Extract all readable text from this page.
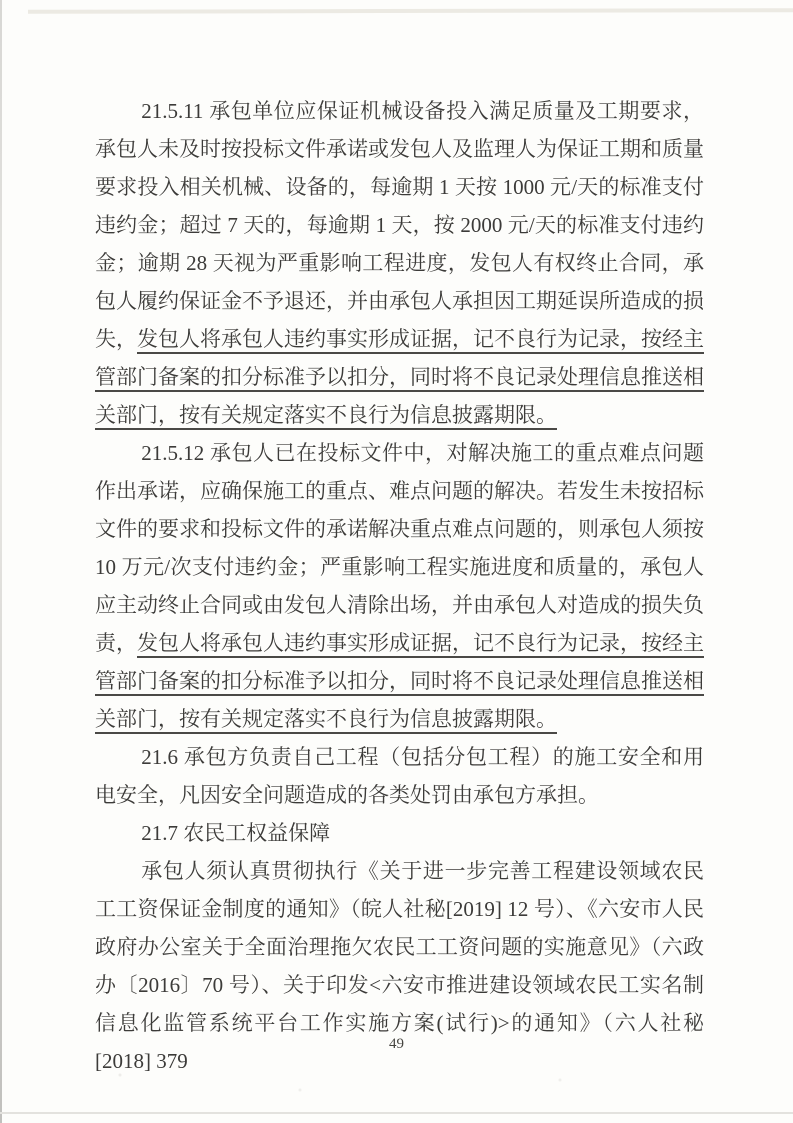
21.5.11 承包单位应保证机械设备投入满足质量及工期要求，承包人未及时按投标文件承诺或发包人及监理人为保证工期和质量要求投入相关机械、设备的，每逾期 1 天按 1000 元/天的标准支付违约金；超过 7 天的，每逾期 1 天，按 2000 元/天的标准支付违约金；逾期 28 天视为严重影响工程进度，发包人有权终止合同，承包人履约保证金不予退还，并由承包人承担因工期延误所造成的损失，发包人将承包人违约事实形成证据，记不良行为记录，按经主管部门备案的扣分标准予以扣分，同时将不良记录处理信息推送相关部门，按有关规定落实不良行为信息披露期限。

21.5.12 承包人已在投标文件中，对解决施工的重点难点问题作出承诺，应确保施工的重点、难点问题的解决。若发生未按招标文件的要求和投标文件的承诺解决重点难点问题的，则承包人须按 10 万元/次支付违约金；严重影响工程实施进度和质量的，承包人应主动终止合同或由发包人清除出场，并由承包人对造成的损失负责，发包人将承包人违约事实形成证据，记不良行为记录，按经主管部门备案的扣分标准予以扣分，同时将不良记录处理信息推送相关部门，按有关规定落实不良行为信息披露期限。

21.6 承包方负责自己工程（包括分包工程）的施工安全和用电安全，凡因安全问题造成的各类处罚由承包方承担。

21.7 农民工权益保障

承包人须认真贯彻执行《关于进一步完善工程建设领域农民工工资保证金制度的通知》（皖人社秘[2019] 12 号）、《六安市人民政府办公室关于全面治理拖欠农民工工资问题的实施意见》（六政办〔2016〕70 号）、关于印发<六安市推进建设领域农民工实名制信息化监管系统平台工作实施方案(试行)>的通知》（六人社秘[2018] 379

49
